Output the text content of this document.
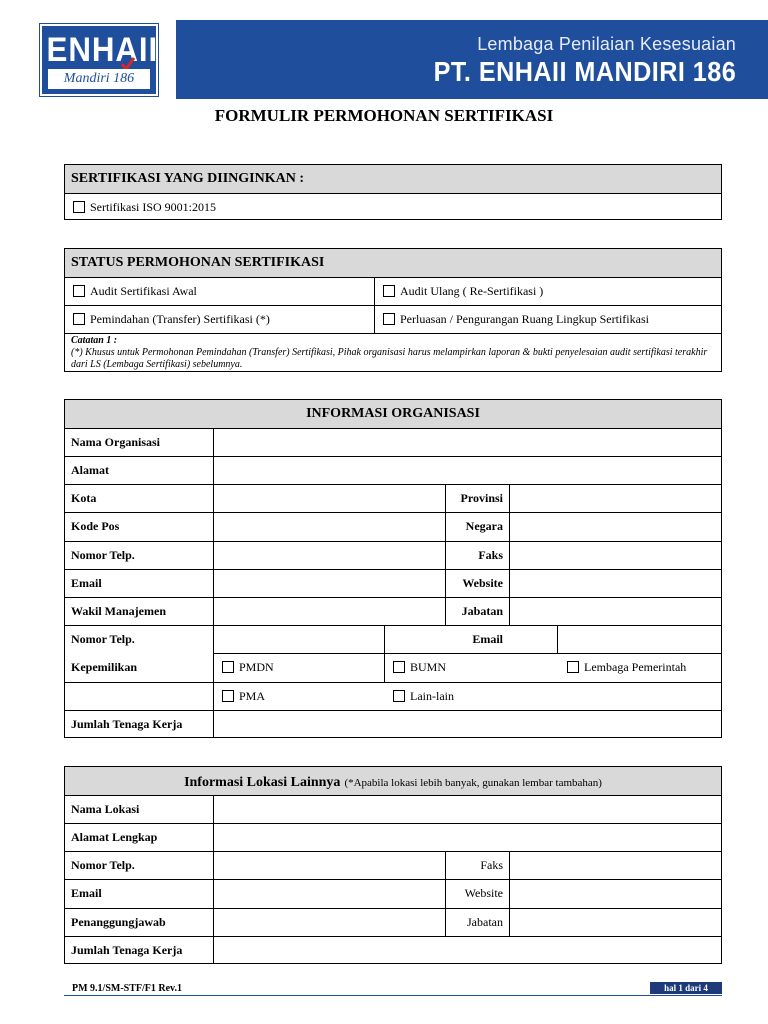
Lembaga Penilaian Kesesuaian
PT. ENHAII MANDIRI 186
ENHAII
Mandiri 186
FORMULIR PERMOHONAN SERTIFIKASI
SERTIFIKASI YANG DIINGINKAN :
Sertifikasi ISO 9001:2015
STATUS PERMOHONAN SERTIFIKASI
Audit Sertifikasi Awal	Audit Ulang ( Re-Sertifikasi )
Pemindahan (Transfer) Sertifikasi (*)	Perluasan / Pengurangan Ruang Lingkup Sertifikasi
Catatan 1 :
(*) Khusus untuk Permohonan Pemindahan (Transfer) Sertifikasi, Pihak organisasi harus melampirkan laporan & bukti penyelesaian audit sertifikasi terakhir dari LS (Lembaga Sertifikasi) sebelumnya.
INFORMASI ORGANISASI
Nama Organisasi
Alamat
Kota	Provinsi
Kode Pos	Negara
Nomor Telp.	Faks
Email	Website
Wakil Manajemen	Jabatan
Nomor Telp.	Email
Kepemilikan	PMDN	BUMN	Lembaga Pemerintah
PMA	Lain-lain
Jumlah Tenaga Kerja
Informasi Lokasi Lainnya (*Apabila lokasi lebih banyak, gunakan lembar tambahan)
Nama Lokasi
Alamat Lengkap
Nomor Telp.	Faks
Email	Website
Penanggungjawab	Jabatan
Jumlah Tenaga Kerja
PM 9.1/SM-STF/F1 Rev.1	hal 1 dari 4
